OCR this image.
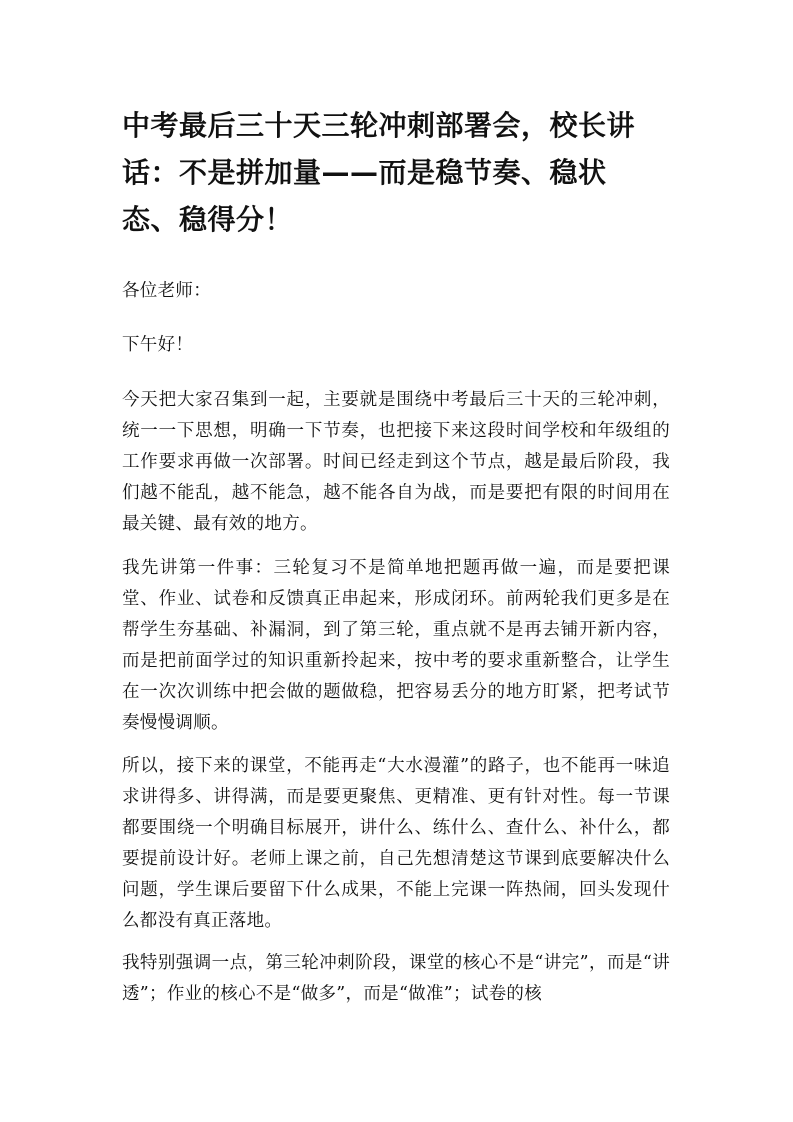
中考最后三十天三轮冲刺部署会，校长讲话：不是拼加量——而是稳节奏、稳状态、稳得分！

各位老师：

下午好！

今天把大家召集到一起，主要就是围绕中考最后三十天的三轮冲刺，统一一下思想，明确一下节奏，也把接下来这段时间学校和年级组的工作要求再做一次部署。时间已经走到这个节点，越是最后阶段，我们越不能乱，越不能急，越不能各自为战，而是要把有限的时间用在最关键、最有效的地方。

我先讲第一件事：三轮复习不是简单地把题再做一遍，而是要把课堂、作业、试卷和反馈真正串起来，形成闭环。前两轮我们更多是在帮学生夯基础、补漏洞，到了第三轮，重点就不是再去铺开新内容，而是把前面学过的知识重新拎起来，按中考的要求重新整合，让学生在一次次训练中把会做的题做稳，把容易丢分的地方盯紧，把考试节奏慢慢调顺。

所以，接下来的课堂，不能再走“大水漫灌”的路子，也不能再一味追求讲得多、讲得满，而是要更聚焦、更精准、更有针对性。每一节课都要围绕一个明确目标展开，讲什么、练什么、查什么、补什么，都要提前设计好。老师上课之前，自己先想清楚这节课到底要解决什么问题，学生课后要留下什么成果，不能上完课一阵热闹，回头发现什么都没有真正落地。

我特别强调一点，第三轮冲刺阶段，课堂的核心不是“讲完”，而是“讲透”；作业的核心不是“做多”，而是“做准”；试卷的核
